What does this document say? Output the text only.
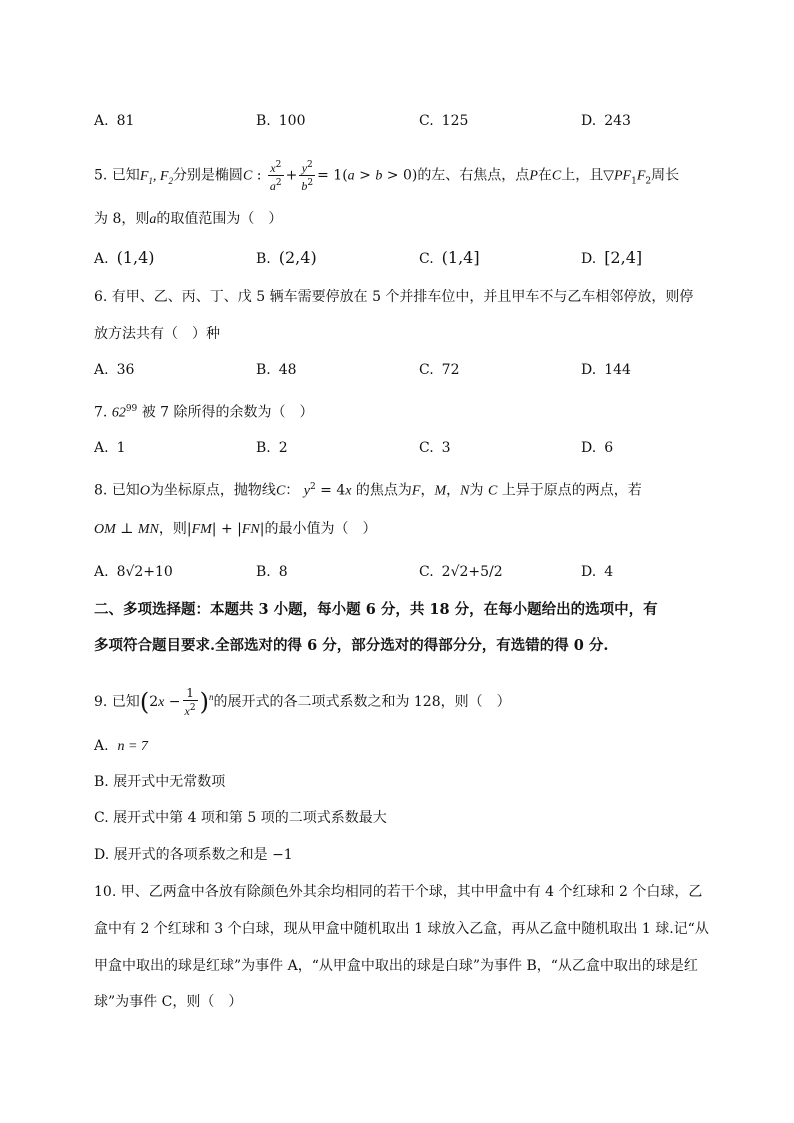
A. 81	B. 100	C. 125	D. 243
5. 已知$F_1$, $F_2$分别是椭圆C : $\frac{x^2}{a^2} + \frac{y^2}{b^2} = 1(a > b > 0)$的左、右焦点，点P在C上，且$▽PF_1F_2$周长
为 8，则a的取值范围为（　）
A. (1,4)	B. (2,4)	C. (1,4]	D. [2,4]
6. 有甲、乙、丙、丁、戊 5 辆车需要停放在 5 个并排车位中，并且甲车不与乙车相邻停放，则停
放方法共有（　）种
A. 36	B. 48	C. 72	D. 144
7. $62^{99}$ 被 7 除所得的余数为（　）
A. 1	B. 2	C. 3	D. 6
8. 已知O为坐标原点，抛物线C： $y^2 = 4x$ 的焦点为F，M，N为 C 上异于原点的两点，若
OM ⊥ MN，则|FM| + |FN|的最小值为（　）
A. 8√2+10	B. 8	C. 2√2+5/2	D. 4
二、多项选择题：本题共 3 小题，每小题 6 分，共 18 分，在每小题给出的选项中，有
多项符合题目要求.全部选对的得 6 分，部分选对的得部分分，有选错的得 0 分.
9. 已知$(2x - \frac{1}{x^2} )^n$的展开式的各二项式系数之和为 128，则（　）
A. n = 7
B. 展开式中无常数项
C. 展开式中第 4 项和第 5 项的二项式系数最大
D. 展开式的各项系数之和是 −1
10. 甲、乙两盒中各放有除颜色外其余均相同的若干个球，其中甲盒中有 4 个红球和 2 个白球，乙
盒中有 2 个红球和 3 个白球，现从甲盒中随机取出 1 球放入乙盒，再从乙盒中随机取出 1 球.记“从
甲盒中取出的球是红球”为事件 A，“从甲盒中取出的球是白球”为事件 B，“从乙盒中取出的球是红
球”为事件 C，则（　）
